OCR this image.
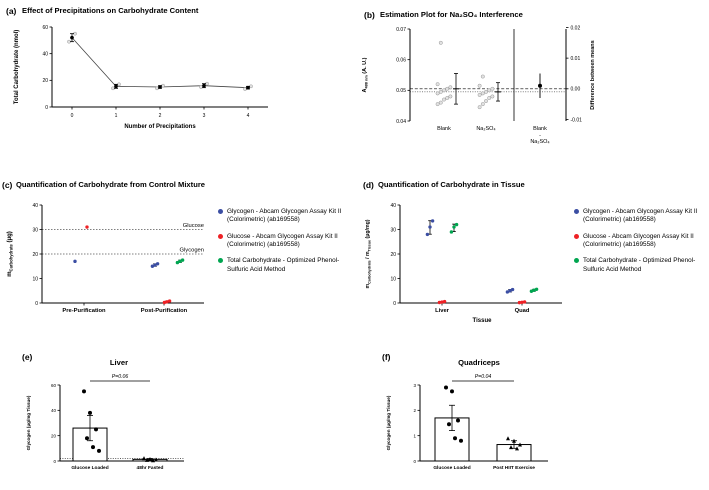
(a) Effect of Precipitations on Carbohydrate Content
0
20
40
60
Total Carbohydrate (nmol)
0	1	2	3	4
Number of Precipitations
(b) Estimation Plot for Na₂SO₄ Interference
0.04
0.05
0.06
0.07
$A_{488 nm}$ (A. U.)
Blank	Na₂SO₄
-0.01
0.00
0.01
0.02
Difference between means
Blank
-
Na₂SO₄
(c) Quantification of Carbohydrate from Control Mixture
0
10
20
30
40
$m_{Carbohydrate}$ (μg)
Pre-Purification	Post-Purification
Glucose
Glycogen
Glycogen - Abcam Glycogen Assay Kit II (Colorimetric) (ab169558)
Glucose - Abcam Glycogen Assay Kit II (Colorimetric) (ab169558)
Total Carbohydrate - Optimized Phenol-Sulfuric Acid Method
(d) Quantification of Carbohydrate in Tissue
0
10
20
30
40
$m_{Carbohydrate} / m_{Tissue}$ (μg/mg)
Liver	Quad
Tissue
Glycogen - Abcam Glycogen Assay Kit II (Colorimetric) (ab169558)
Glucose - Abcam Glycogen Assay Kit II (Colorimetric) (ab169558)
Total Carbohydrate - Optimized Phenol-Sulfuric Acid Method
(e)
Liver
0
20
40
60
Glycogen (μg/mg Tissue)
Glucose Loaded	48hr Fasted
P=0.06
(f)
Quadriceps
0
1
2
3
Glycogen (μg/mg Tissue)
Glucose Loaded	Post HIIT Exercise
P=0.04
